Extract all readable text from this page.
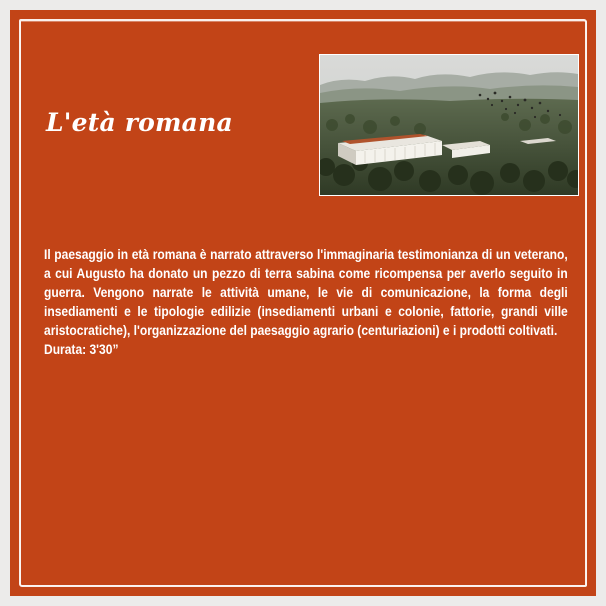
L'età romana
Il paesaggio in età romana è narrato attraverso l'immaginaria testimonianza di un veterano, a cui Augusto ha donato un pezzo di terra sabina come ricompensa per averlo seguito in guerra. Vengono narrate le attività umane, le vie di comunicazione, la forma degli insediamenti e le tipologie edilizie (insediamenti urbani e colonie, fattorie, grandi ville aristocratiche), l'organizzazione del paesaggio agrario (centuriazioni) e i prodotti coltivati.
Durata: 3'30”
